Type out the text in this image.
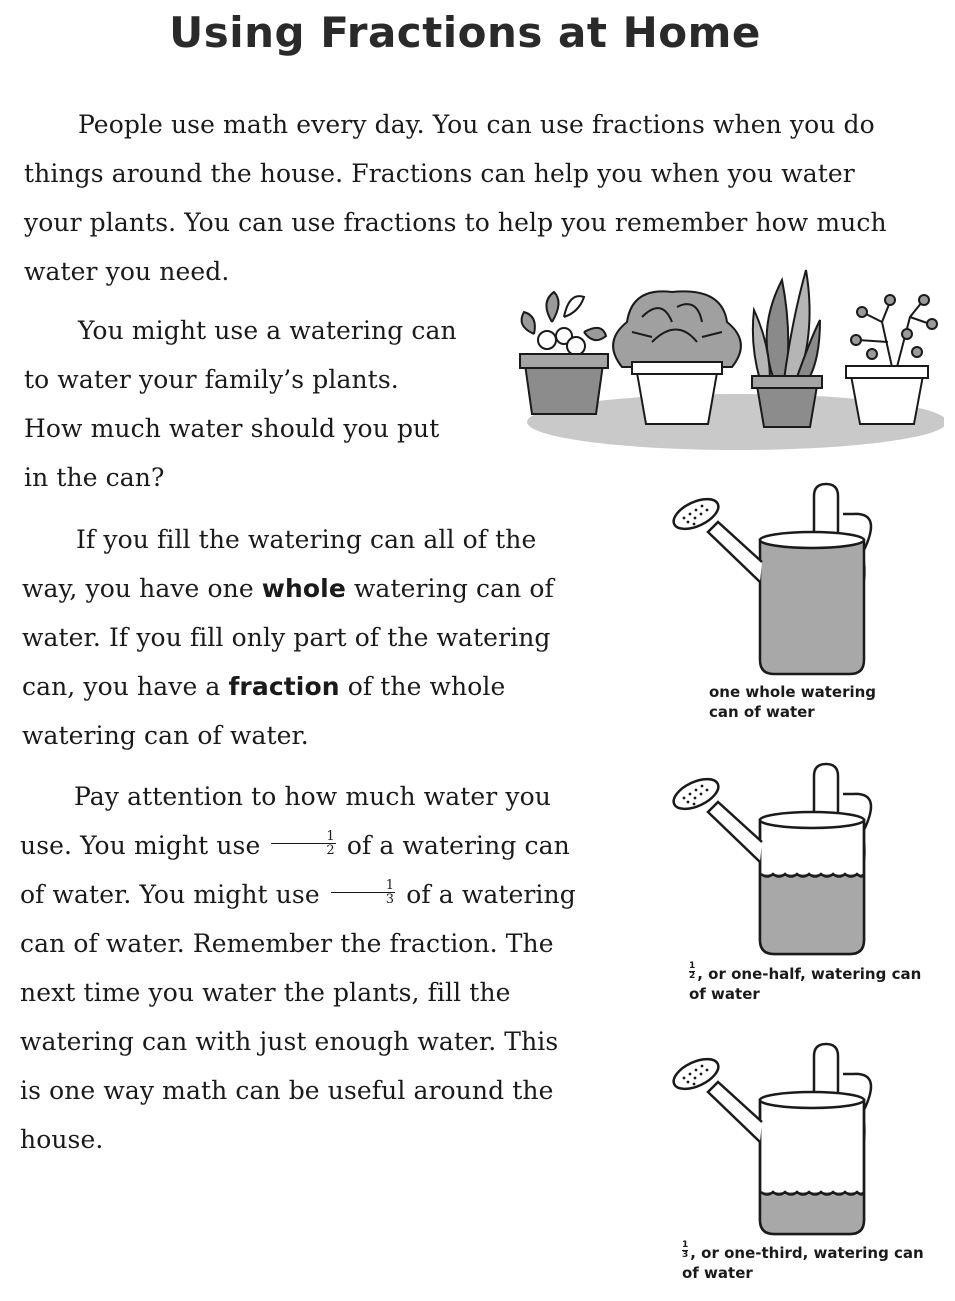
Using Fractions at Home

People use math every day. You can use fractions when you do things around the house. Fractions can help you when you water your plants. You can use fractions to help you remember how much water you need.

You might use a watering can to water your family’s plants. How much water should you put in the can?

If you fill the watering can all of the way, you have one whole watering can of water. If you fill only part of the watering can, you have a fraction of the whole watering can of water.

Pay attention to how much water you use. You might use $\frac{1}{2}$ of a watering can of water. You might use $\frac{1}{3}$ of a watering can of water. Remember the fraction. The next time you water the plants, fill the watering can with just enough water. This is one way math can be useful around the house.

one whole watering can of water

$\frac{1}{2}$ , or one-half, watering can of water

$\frac{1}{3}$ , or one-third, watering can of water
